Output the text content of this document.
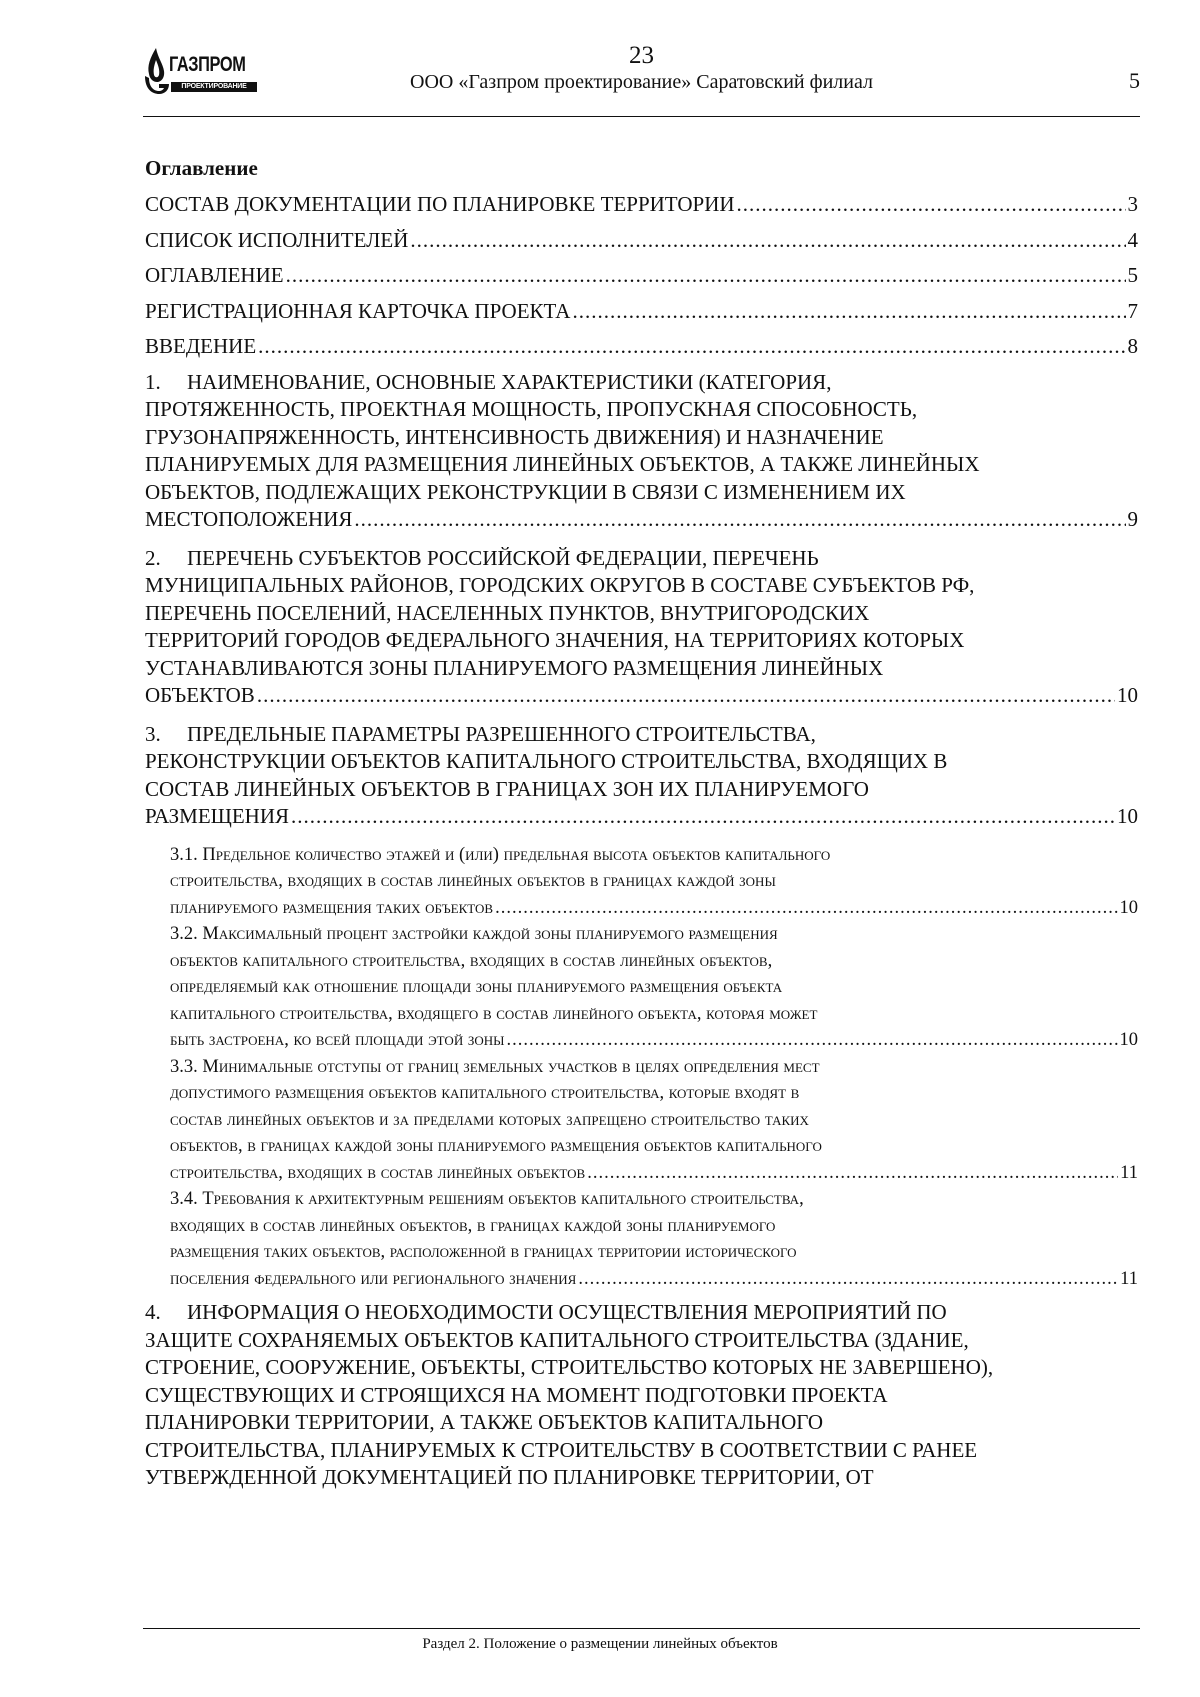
ГАЗПРОМ
ПРОЕКТИРОВАНИЕ
23
ООО «Газпром проектирование» Саратовский филиал	5
Оглавление
СОСТАВ ДОКУМЕНТАЦИИ ПО ПЛАНИРОВКЕ ТЕРРИТОРИИ .....	3
СПИСОК ИСПОЛНИТЕЛЕЙ .....	4
ОГЛАВЛЕНИЕ .....	5
РЕГИСТРАЦИОННАЯ КАРТОЧКА ПРОЕКТА .....	7
ВВЕДЕНИЕ .....	8
1. НАИМЕНОВАНИЕ, ОСНОВНЫЕ ХАРАКТЕРИСТИКИ (КАТЕГОРИЯ,
ПРОТЯЖЕННОСТЬ, ПРОЕКТНАЯ МОЩНОСТЬ, ПРОПУСКНАЯ СПОСОБНОСТЬ,
ГРУЗОНАПРЯЖЕННОСТЬ, ИНТЕНСИВНОСТЬ ДВИЖЕНИЯ) И НАЗНАЧЕНИЕ
ПЛАНИРУЕМЫХ ДЛЯ РАЗМЕЩЕНИЯ ЛИНЕЙНЫХ ОБЪЕКТОВ, А ТАКЖЕ ЛИНЕЙНЫХ
ОБЪЕКТОВ, ПОДЛЕЖАЩИХ РЕКОНСТРУКЦИИ В СВЯЗИ С ИЗМЕНЕНИЕМ ИХ
МЕСТОПОЛОЖЕНИЯ .....	9
2. ПЕРЕЧЕНЬ СУБЪЕКТОВ РОССИЙСКОЙ ФЕДЕРАЦИИ, ПЕРЕЧЕНЬ
МУНИЦИПАЛЬНЫХ РАЙОНОВ, ГОРОДСКИХ ОКРУГОВ В СОСТАВЕ СУБЪЕКТОВ РФ,
ПЕРЕЧЕНЬ ПОСЕЛЕНИЙ, НАСЕЛЕННЫХ ПУНКТОВ, ВНУТРИГОРОДСКИХ
ТЕРРИТОРИЙ ГОРОДОВ ФЕДЕРАЛЬНОГО ЗНАЧЕНИЯ, НА ТЕРРИТОРИЯХ КОТОРЫХ
УСТАНАВЛИВАЮТСЯ ЗОНЫ ПЛАНИРУЕМОГО РАЗМЕЩЕНИЯ ЛИНЕЙНЫХ
ОБЪЕКТОВ .....	10
3. ПРЕДЕЛЬНЫЕ ПАРАМЕТРЫ РАЗРЕШЕННОГО СТРОИТЕЛЬСТВА,
РЕКОНСТРУКЦИИ ОБЪЕКТОВ КАПИТАЛЬНОГО СТРОИТЕЛЬСТВА, ВХОДЯЩИХ В
СОСТАВ ЛИНЕЙНЫХ ОБЪЕКТОВ В ГРАНИЦАХ ЗОН ИХ ПЛАНИРУЕМОГО
РАЗМЕЩЕНИЯ .....	10
3.1. Предельное количество этажей и (или) предельная высота объектов капитального
строительства, входящих в состав линейных объектов в границах каждой зоны
планируемого размещения таких объектов .....	10
3.2. Максимальный процент застройки каждой зоны планируемого размещения
объектов капитального строительства, входящих в состав линейных объектов,
определяемый как отношение площади зоны планируемого размещения объекта
капитального строительства, входящего в состав линейного объекта, которая может
быть застроена, ко всей площади этой зоны .....	10
3.3. Минимальные отступы от границ земельных участков в целях определения мест
допустимого размещения объектов капитального строительства, которые входят в
состав линейных объектов и за пределами которых запрещено строительство таких
объектов, в границах каждой зоны планируемого размещения объектов капитального
строительства, входящих в состав линейных объектов .....	11
3.4. Требования к архитектурным решениям объектов капитального строительства,
входящих в состав линейных объектов, в границах каждой зоны планируемого
размещения таких объектов, расположенной в границах территории исторического
поселения федерального или регионального значения .....	11
4. ИНФОРМАЦИЯ О НЕОБХОДИМОСТИ ОСУЩЕСТВЛЕНИЯ МЕРОПРИЯТИЙ ПО
ЗАЩИТЕ СОХРАНЯЕМЫХ ОБЪЕКТОВ КАПИТАЛЬНОГО СТРОИТЕЛЬСТВА (ЗДАНИЕ,
СТРОЕНИЕ, СООРУЖЕНИЕ, ОБЪЕКТЫ, СТРОИТЕЛЬСТВО КОТОРЫХ НЕ ЗАВЕРШЕНО),
СУЩЕСТВУЮЩИХ И СТРОЯЩИХСЯ НА МОМЕНТ ПОДГОТОВКИ ПРОЕКТА
ПЛАНИРОВКИ ТЕРРИТОРИИ, А ТАКЖЕ ОБЪЕКТОВ КАПИТАЛЬНОГО
СТРОИТЕЛЬСТВА, ПЛАНИРУЕМЫХ К СТРОИТЕЛЬСТВУ В СООТВЕТСТВИИ С РАНЕЕ
УТВЕРЖДЕННОЙ ДОКУМЕНТАЦИЕЙ ПО ПЛАНИРОВКЕ ТЕРРИТОРИИ, ОТ
Раздел 2. Положение о размещении линейных объектов
